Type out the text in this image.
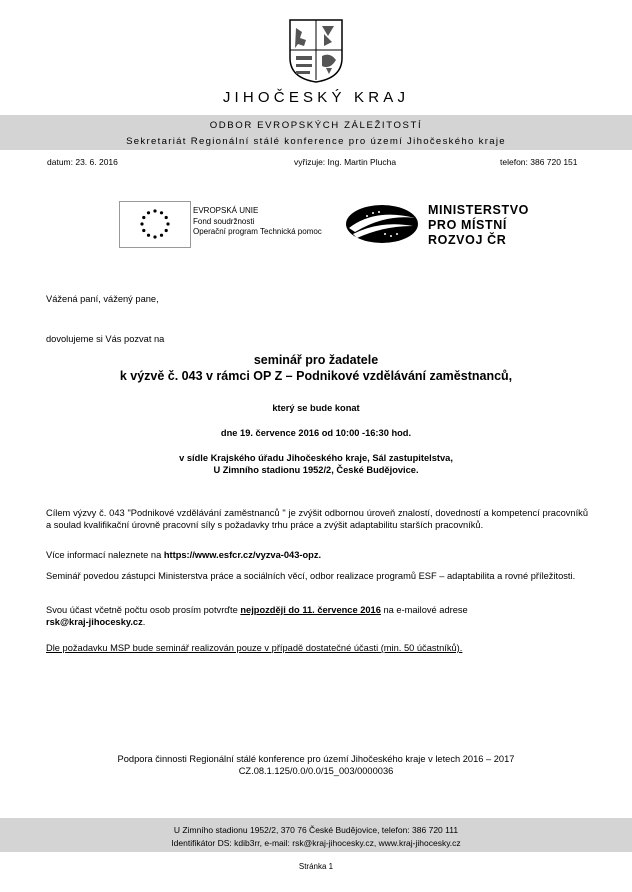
JIHOČESKÝ KRAJ
ODBOR EVROPSKÝCH ZÁLEŽITOSTÍ
Sekretariát Regionální stálé konference pro území Jihočeského kraje
datum: 23. 6. 2016	vyřizuje: Ing. Martin Plucha	telefon: 386 720 151
EVROPSKÁ UNIE
Fond soudržnosti
Operační program Technická pomoc
MINISTERSTVO
PRO MÍSTNÍ
ROZVOJ ČR
Vážená paní, vážený pane,
dovolujeme si Vás pozvat na
seminář pro žadatele
k výzvě č. 043 v rámci OP Z – Podnikové vzdělávání zaměstnanců,
který se bude konat
dne 19. července 2016 od 10:00 -16:30 hod.
v sídle Krajského úřadu Jihočeského kraje, Sál zastupitelstva,
U Zimního stadionu 1952/2, České Budějovice.
Cílem výzvy č. 043 "Podnikové vzdělávání zaměstnanců " je zvýšit odbornou úroveň znalostí, dovedností a kompetencí pracovníků a soulad kvalifikační úrovně pracovní síly s požadavky trhu práce a zvýšit adaptabilitu starších pracovníků.
Více informací naleznete na https://www.esfcr.cz/vyzva-043-opz.
Seminář povedou zástupci Ministerstva práce a sociálních věcí, odbor realizace programů ESF – adaptabilita a rovné příležitosti.
Svou účast včetně počtu osob prosím potvrďte nejpozději do 11. července 2016 na e-mailové adrese
rsk@kraj-jihocesky.cz.
Dle požadavku MSP bude seminář realizován pouze v případě dostatečné účasti (min. 50 účastníků).
Podpora činnosti Regionální stálé konference pro území Jihočeského kraje v letech 2016 – 2017
CZ.08.1.125/0.0/0.0/15_003/0000036
U Zimního stadionu 1952/2, 370 76 České Budějovice, telefon: 386 720 111
Identifikátor DS: kdib3rr, e-mail: rsk@kraj-jihocesky.cz, www.kraj-jihocesky.cz
Stránka 1
